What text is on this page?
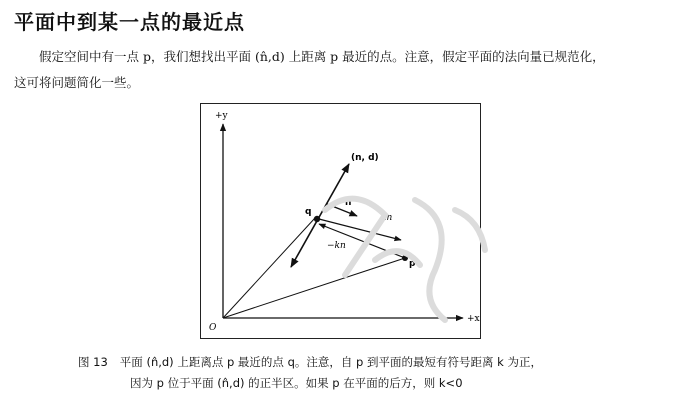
平面中到某一点的最近点
假定空间中有一点 p，我们想找出平面 (n̂,d) 上距离 p 最近的点。注意，假定平面的法向量已规范化，
这可将问题简化一些。
+y
+x
O
(n, d)
q
p
n
kn
−kn
图 13 平面 (n̂,d) 上距离点 p 最近的点 q。注意，自 p 到平面的最短有符号距离 k 为正，
因为 p 位于平面 (n̂,d) 的正半区。如果 p 在平面的后方，则 k<0
